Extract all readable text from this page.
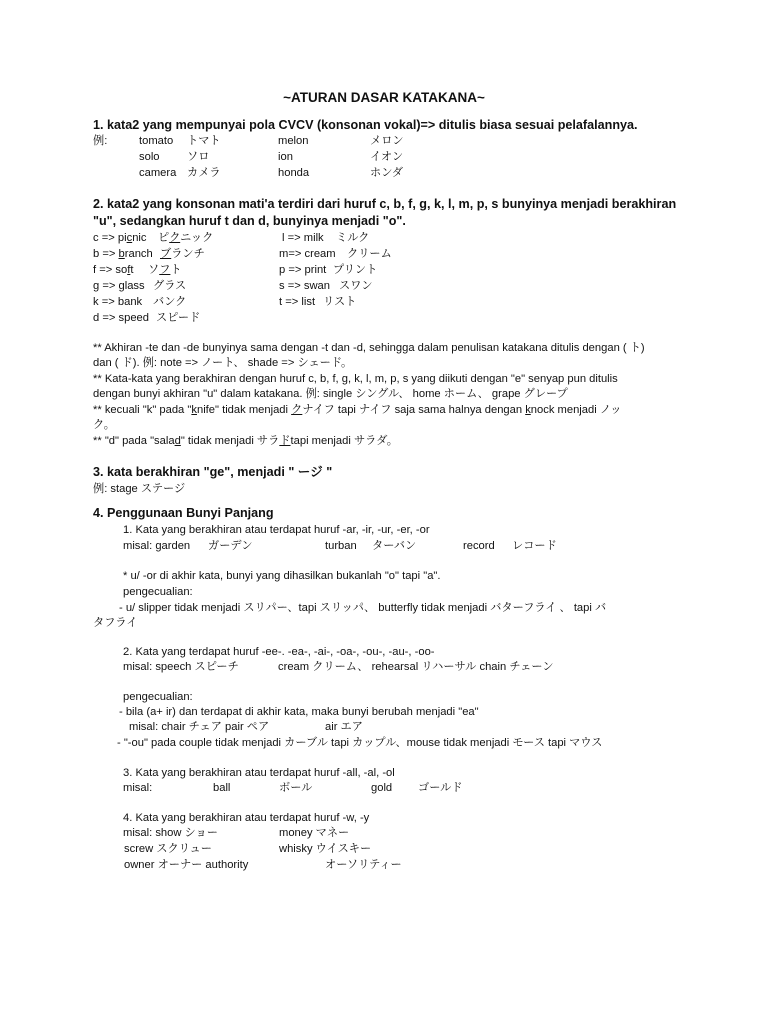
~ATURAN DASAR KATAKANA~
1. kata2 yang mempunyai pola CVCV (konsonan vokal)=> ditulis biasa sesuai pelafalannya.
例:	tomato トマト	melon	メロン
solo ソロ	ion	イオン
camera カメラ	honda	ホンダ
2. kata2 yang konsonan mati'a terdiri dari huruf c, b, f, g, k, l, m, p, s bunyinya menjadi berakhiran
"u", sedangkan huruf t dan d, bunyinya menjadi "o".
c => picnic ピクニック	l => milk ミルク
b => branch ブランチ	m=> cream クリーム
f => soft ソフト	p => print プリント
g => glass グラス	s => swan スワン
k => bank バンク	t => list リスト
d => speed スピード
** Akhiran -te dan -de bunyinya sama dengan -t dan -d, sehingga dalam penulisan katakana ditulis dengan ( ト)
dan ( ド). 例: note => ノート、 shade => シェード。
** Kata-kata yang berakhiran dengan huruf c, b, f, g, k, l, m, p, s yang diikuti dengan "e" senyap pun ditulis
dengan bunyi akhiran "u" dalam katakana. 例: single シングル、 home ホーム、 grape グレープ
** kecuali "k" pada "knife" tidak menjadi クナイフ tapi ナイフ saja sama halnya dengan knock menjadi ノッ
ク。
** "d" pada "salad" tidak menjadi サラドtapi menjadi サラダ。
3. kata berakhiran "ge", menjadi " ージ "
例: stage ステージ
4. Penggunaan Bunyi Panjang
1. Kata yang berakhiran atau terdapat huruf -ar, -ir, -ur, -er, -or
misal: garden ガーデン	turban ターバン	record レコード
* u/ -or di akhir kata, bunyi yang dihasilkan bukanlah "o" tapi "a".
pengecualian:
- u/ slipper tidak menjadi スリパー、tapi スリッパ、 butterfly tidak menjadi バターフライ 、 tapi バ
タフライ
2. Kata yang terdapat huruf -ee-. -ea-, -ai-, -oa-, -ou-, -au-, -oo-
misal: speech スピーチ	cream クリーム、 rehearsal リハーサル chain チェーン
pengecualian:
- bila (a+ ir) dan terdapat di akhir kata, maka bunyi berubah menjadi "ea"
misal: chair チェア pair ペア	air エア
- "-ou" pada couple tidak menjadi カーブル tapi カップル、mouse tidak menjadi モース tapi マウス
3. Kata yang berakhiran atau terdapat huruf -all, -al, -ol
misal:	ball	ボール	gold ゴールド
4. Kata yang berakhiran atau terdapat huruf -w, -y
misal: show ショー	money マネー
screw スクリュー	whisky ウイスキー
owner オーナー authority	オーソリティー
